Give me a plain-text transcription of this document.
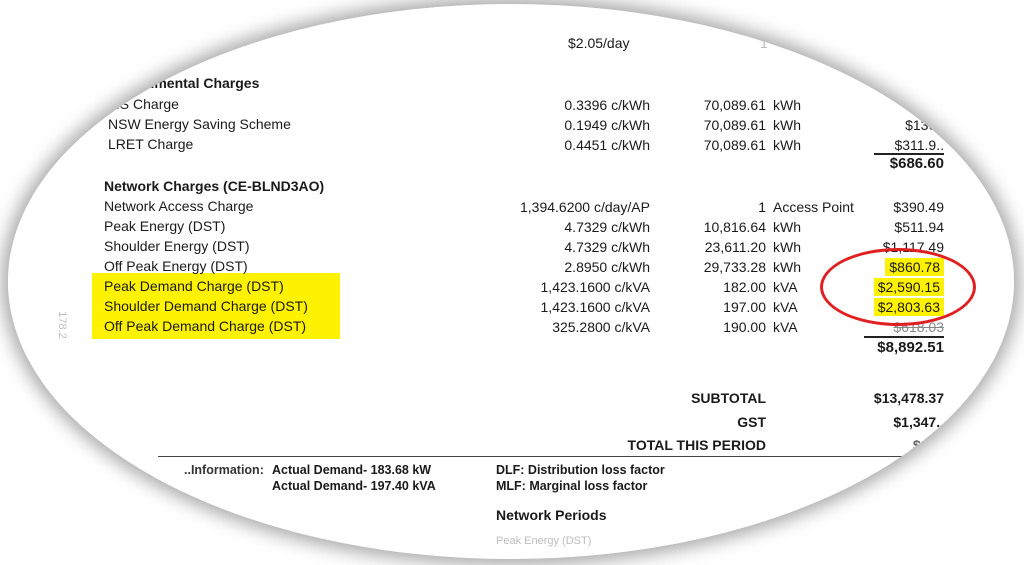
..ges
$2.05/day	1
..nmental Charges
..S Charge	0.3396 c/kWh	70,089.61 kWh	$2..
NSW Energy Saving Scheme	0.1949 c/kWh	70,089.61 kWh	$136..
LRET Charge	0.4451 c/kWh	70,089.61 kWh	$311.9..
$686.60
Network Charges (CE-BLND3AO)
Network Access Charge	1,394.6200 c/day/AP	1 Access Point	$390.49
Peak Energy (DST)	4.7329 c/kWh	10,816.64 kWh	$511.94
Shoulder Energy (DST)	4.7329 c/kWh	23,611.20 kWh	$1,117.49
Off Peak Energy (DST)	2.8950 c/kWh	29,733.28 kWh	$860.78
Peak Demand Charge (DST)	1,423.1600 c/kVA	182.00 kVA	$2,590.15
Shoulder Demand Charge (DST)	1,423.1600 c/kVA	197.00 kVA	$2,803.63
Off Peak Demand Charge (DST)	325.2800 c/kVA	190.00 kVA	$618.03
$8,892.51
178.2
SUBTOTAL	$13,478.37
GST	$1,347..
TOTAL THIS PERIOD	$14..
..Information: Actual Demand- 183.68 kW
Actual Demand- 197.40 kVA
DLF: Distribution loss factor
MLF: Marginal loss factor
Network Periods
Peak Energy (DST)
